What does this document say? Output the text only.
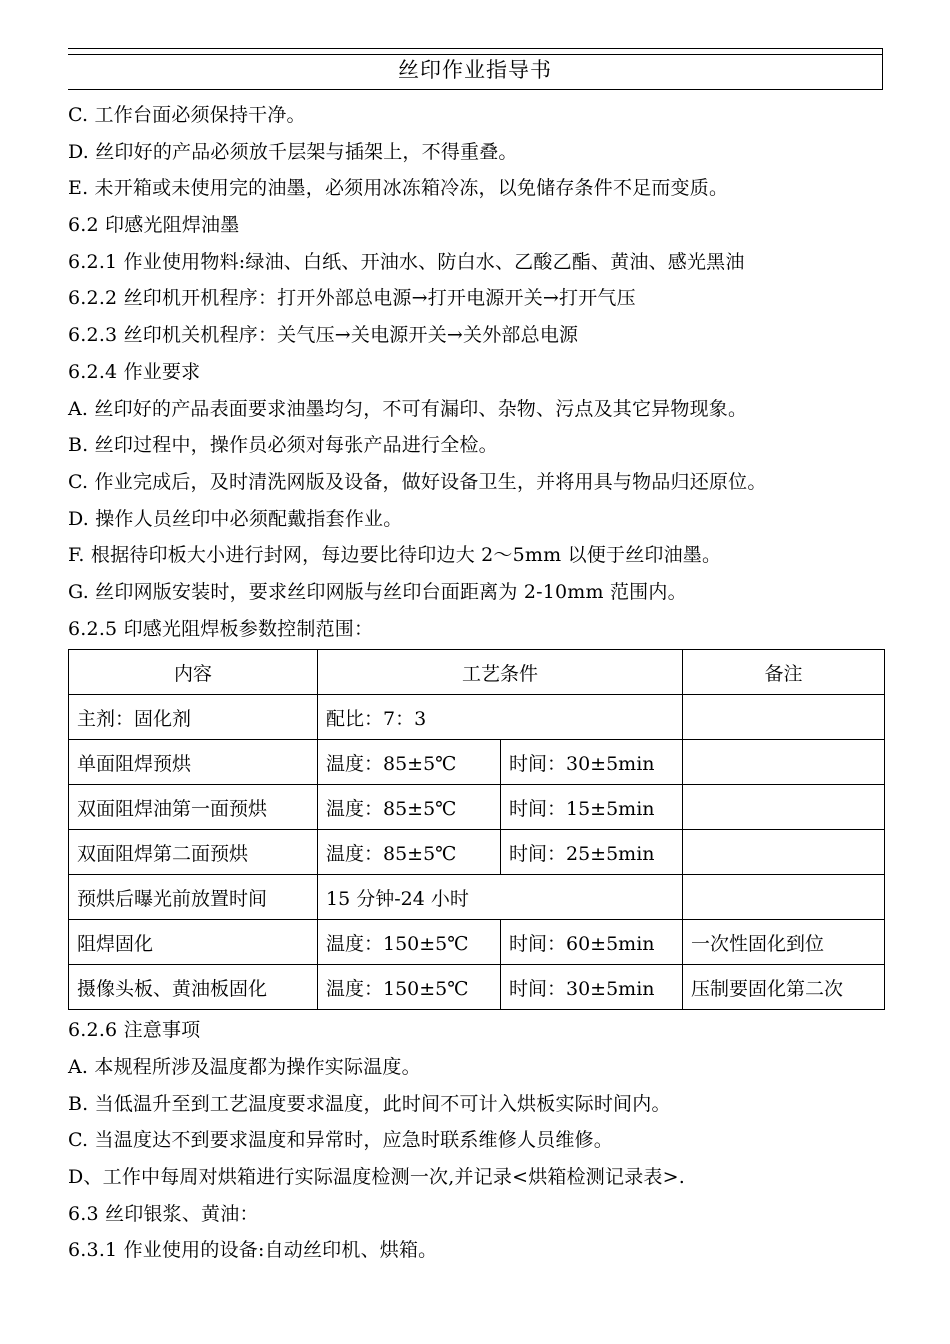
丝印作业指导书
C. 工作台面必须保持干净。
D. 丝印好的产品必须放千层架与插架上，不得重叠。
E. 未开箱或未使用完的油墨，必须用冰冻箱冷冻，以免储存条件不足而变质。
6.2 印感光阻焊油墨
6.2.1 作业使用物料:绿油、白纸、开油水、防白水、乙酸乙酯、黄油、感光黑油
6.2.2 丝印机开机程序：打开外部总电源→打开电源开关→打开气压
6.2.3 丝印机关机程序：关气压→关电源开关→关外部总电源
6.2.4 作业要求
A. 丝印好的产品表面要求油墨均匀，不可有漏印、杂物、污点及其它异物现象。
B. 丝印过程中，操作员必须对每张产品进行全检。
C. 作业完成后，及时清洗网版及设备，做好设备卫生，并将用具与物品归还原位。
D. 操作人员丝印中必须配戴指套作业。
F. 根据待印板大小进行封网，每边要比待印边大 2～5mm 以便于丝印油墨。
G. 丝印网版安装时，要求丝印网版与丝印台面距离为 2-10mm 范围内。
6.2.5 印感光阻焊板参数控制范围：
内容	工艺条件		备注
主剂：固化剂	配比：7：3		
单面阻焊预烘	温度：85±5℃	时间：30±5min	
双面阻焊油第一面预烘	温度：85±5℃	时间：15±5min	
双面阻焊第二面预烘	温度：85±5℃	时间：25±5min	
预烘后曝光前放置时间	15 分钟-24 小时		
阻焊固化	温度：150±5℃	时间：60±5min	一次性固化到位
摄像头板、黄油板固化	温度：150±5℃	时间：30±5min	压制要固化第二次
6.2.6 注意事项
A. 本规程所涉及温度都为操作实际温度。
B. 当低温升至到工艺温度要求温度，此时间不可计入烘板实际时间内。
C. 当温度达不到要求温度和异常时，应急时联系维修人员维修。
D、工作中每周对烘箱进行实际温度检测一次,并记录<烘箱检测记录表>.
6.3 丝印银浆、黄油：
6.3.1 作业使用的设备:自动丝印机、烘箱。
